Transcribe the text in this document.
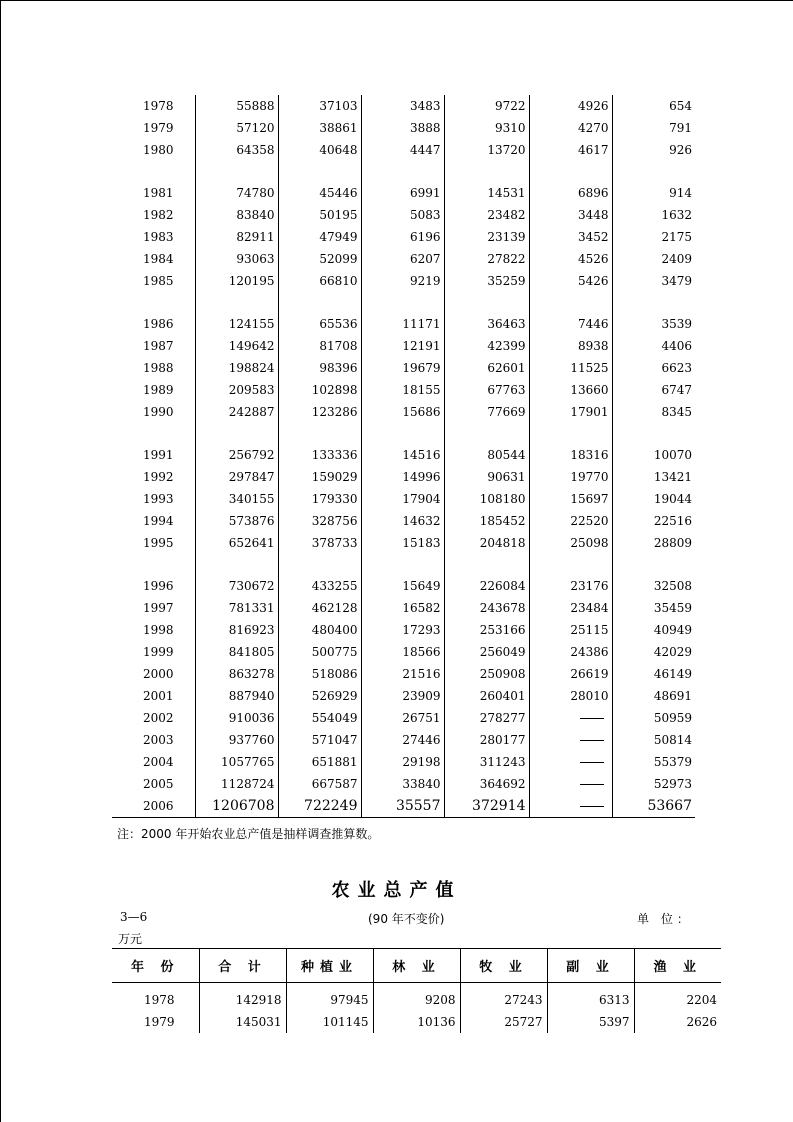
1978	55888	37103	3483	9722	4926	654
1979	57120	38861	3888	9310	4270	791
1980	64358	40648	4447	13720	4617	926

1981	74780	45446	6991	14531	6896	914
1982	83840	50195	5083	23482	3448	1632
1983	82911	47949	6196	23139	3452	2175
1984	93063	52099	6207	27822	4526	2409
1985	120195	66810	9219	35259	5426	3479

1986	124155	65536	11171	36463	7446	3539
1987	149642	81708	12191	42399	8938	4406
1988	198824	98396	19679	62601	11525	6623
1989	209583	102898	18155	67763	13660	6747
1990	242887	123286	15686	77669	17901	8345

1991	256792	133336	14516	80544	18316	10070
1992	297847	159029	14996	90631	19770	13421
1993	340155	179330	17904	108180	15697	19044
1994	573876	328756	14632	185452	22520	22516
1995	652641	378733	15183	204818	25098	28809

1996	730672	433255	15649	226084	23176	32508
1997	781331	462128	16582	243678	23484	35459
1998	816923	480400	17293	253166	25115	40949
1999	841805	500775	18566	256049	24386	42029
2000	863278	518086	21516	250908	26619	46149
2001	887940	526929	23909	260401	28010	48691
2002	910036	554049	26751	278277		50959
2003	937760	571047	27446	280177		50814
2004	1057765	651881	29198	311243		55379
2005	1128724	667587	33840	364692		52973
2006	1206708	722249	35557	372914		53667
注：2000 年开始农业总产值是抽样调查推算数。
农业总产值
3—6	(90 年不变价)	单 位：
万元
年 份	合 计	种植业	林 业	牧 业	副 业	渔 业

1978	142918	97945	9208	27243	6313	2204
1979	145031	101145	10136	25727	5397	2626
